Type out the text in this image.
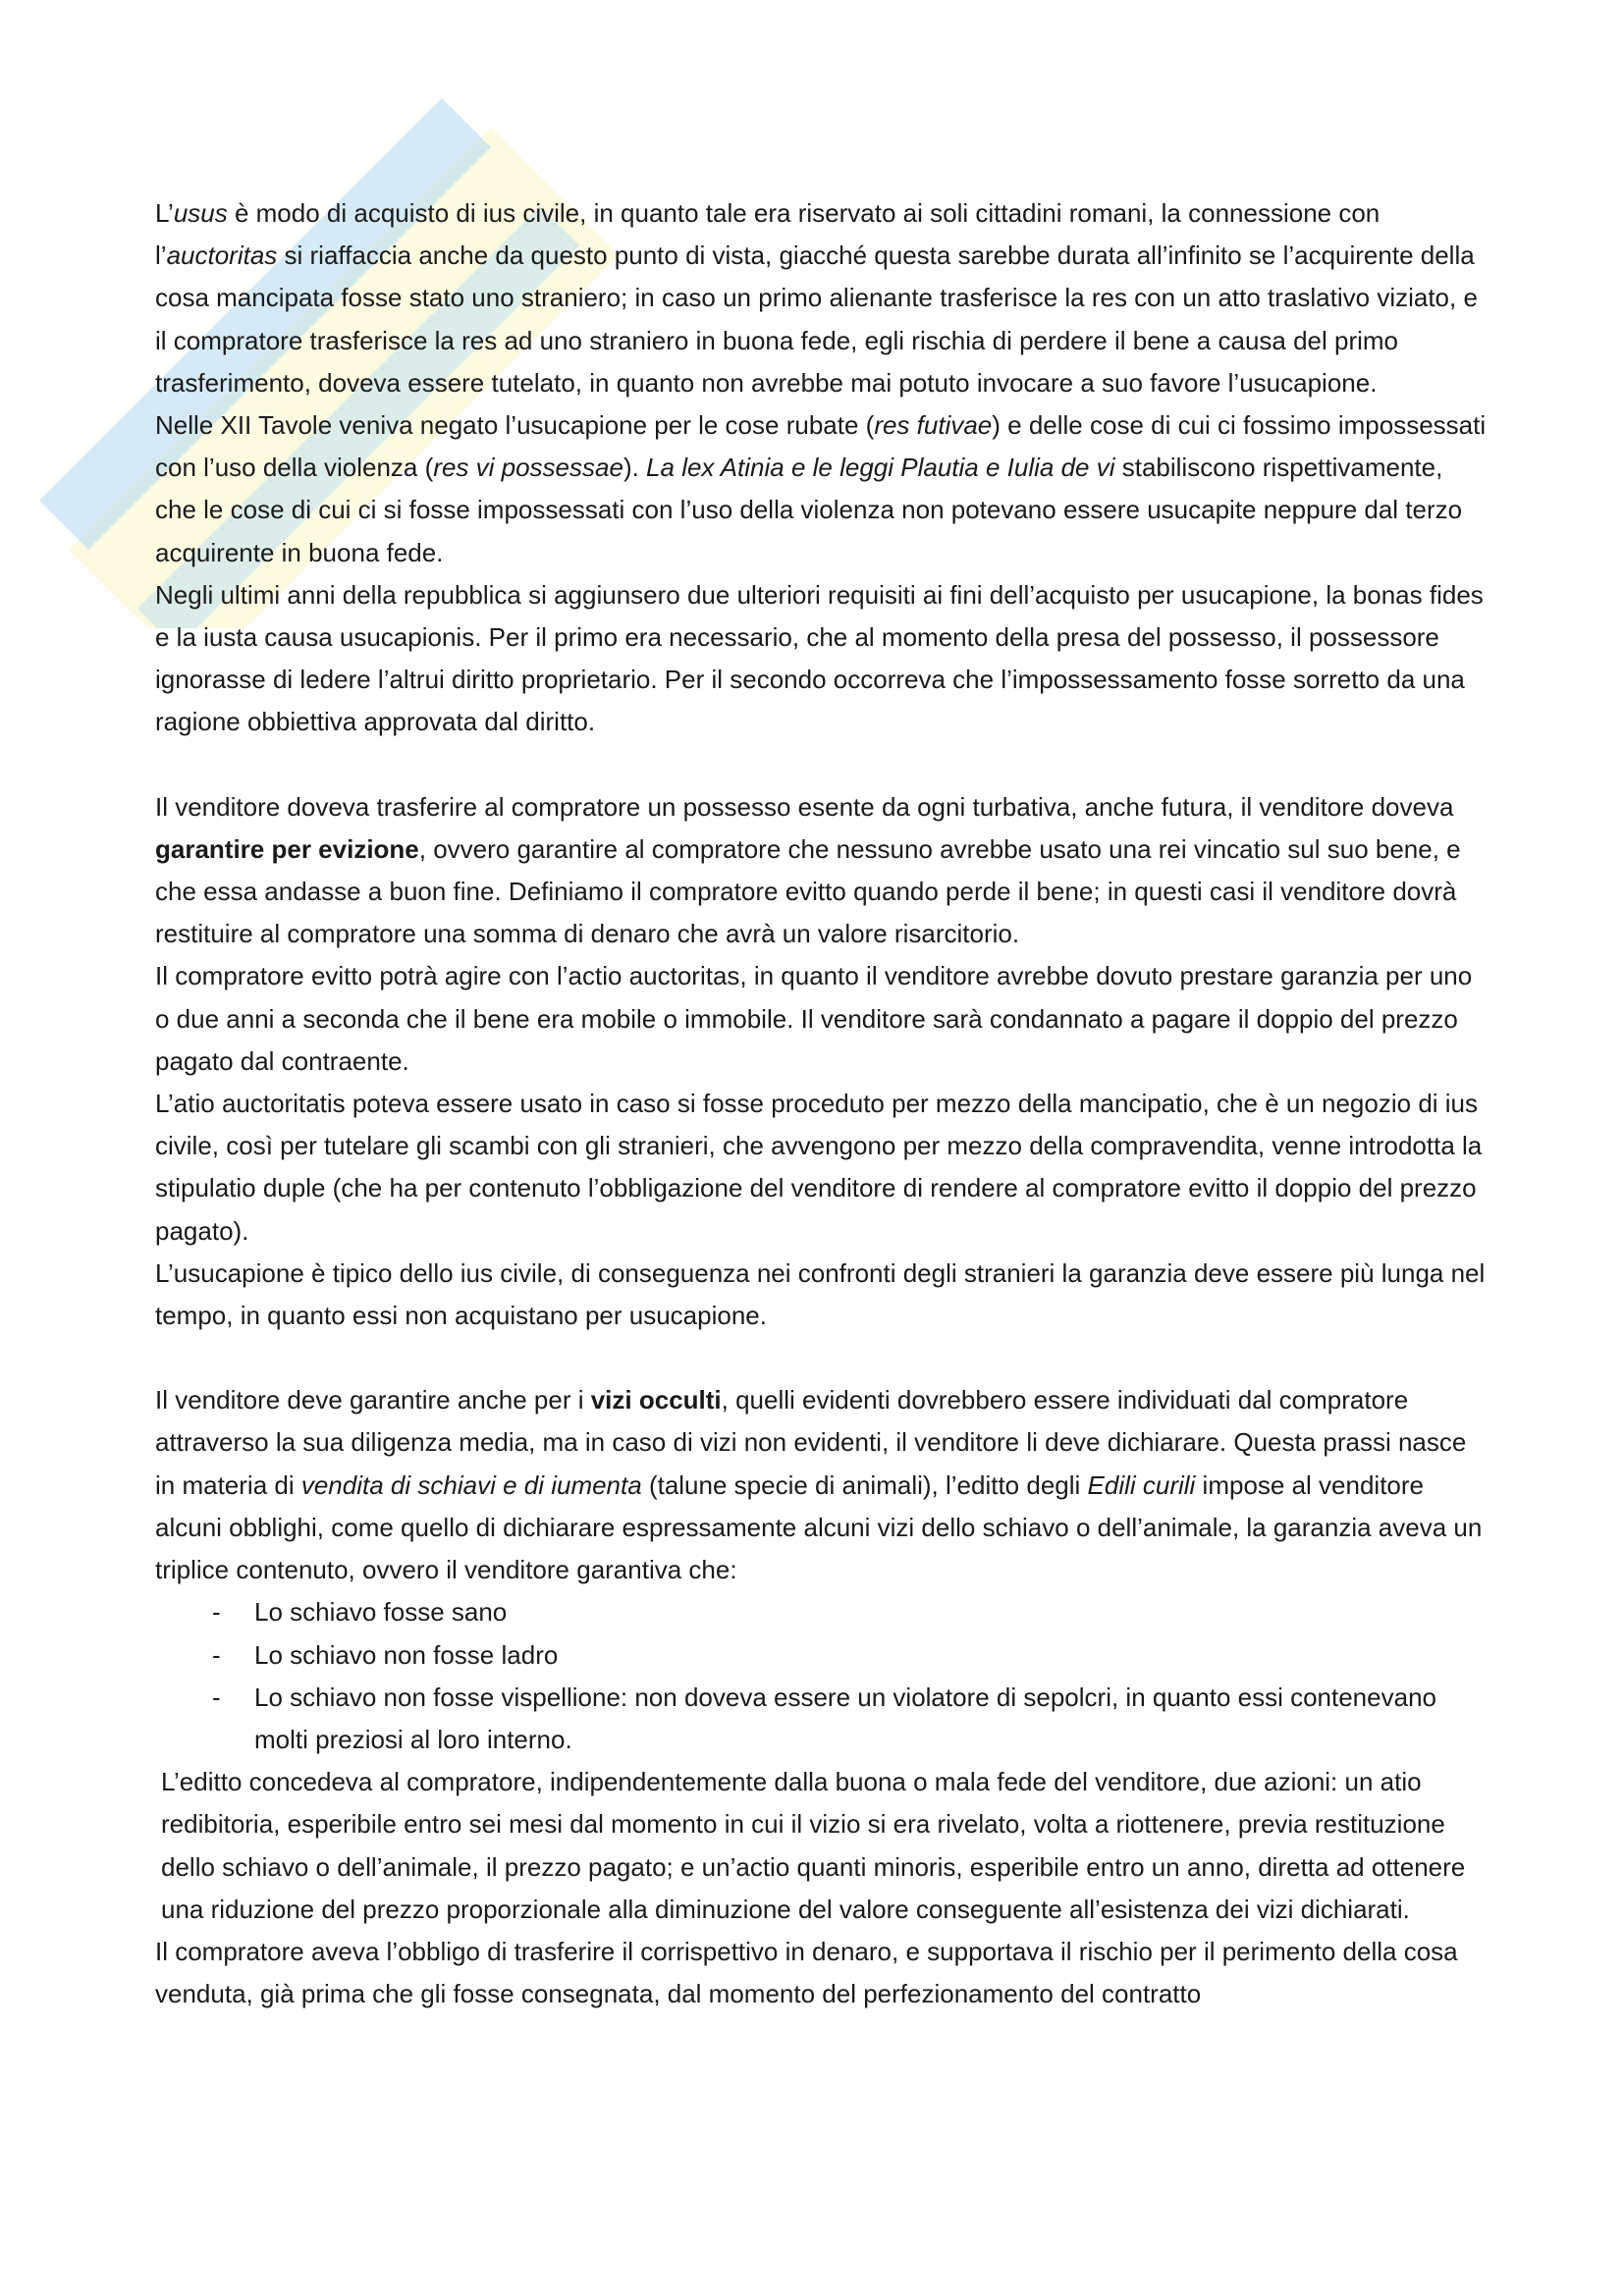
L’usus è modo di acquisto di ius civile, in quanto tale era riservato ai soli cittadini romani, la connessione con l’auctoritas si riaffaccia anche da questo punto di vista, giacché questa sarebbe durata all’infinito se l’acquirente della cosa mancipata fosse stato uno straniero; in caso un primo alienante trasferisce la res con un atto traslativo viziato, e il compratore trasferisce la res ad uno straniero in buona fede, egli rischia di perdere il bene a causa del primo trasferimento, doveva essere tutelato, in quanto non avrebbe mai potuto invocare a suo favore l’usucapione.

Nelle XII Tavole veniva negato l’usucapione per le cose rubate (res futivae) e delle cose di cui ci fossimo impossessati con l’uso della violenza (res vi possessae). La lex Atinia e le leggi Plautia e Iulia de vi stabiliscono rispettivamente, che le cose di cui ci si fosse impossessati con l’uso della violenza non potevano essere usucapite neppure dal terzo acquirente in buona fede.

Negli ultimi anni della repubblica si aggiunsero due ulteriori requisiti ai fini dell’acquisto per usucapione, la bonas fides e la iusta causa usucapionis. Per il primo era necessario, che al momento della presa del possesso, il possessore ignorasse di ledere l’altrui diritto proprietario. Per il secondo occorreva che l’impossessamento fosse sorretto da una ragione obbiettiva approvata dal diritto.

Il venditore doveva trasferire al compratore un possesso esente da ogni turbativa, anche futura, il venditore doveva garantire per evizione, ovvero garantire al compratore che nessuno avrebbe usato una rei vincatio sul suo bene, e che essa andasse a buon fine. Definiamo il compratore evitto quando perde il bene; in questi casi il venditore dovrà restituire al compratore una somma di denaro che avrà un valore risarcitorio.

Il compratore evitto potrà agire con l’actio auctoritas, in quanto il venditore avrebbe dovuto prestare garanzia per uno o due anni a seconda che il bene era mobile o immobile. Il venditore sarà condannato a pagare il doppio del prezzo pagato dal contraente.

L’atio auctoritatis poteva essere usato in caso si fosse proceduto per mezzo della mancipatio, che è un negozio di ius civile, così per tutelare gli scambi con gli stranieri, che avvengono per mezzo della compravendita, venne introdotta la stipulatio duple (che ha per contenuto l’obbligazione del venditore di rendere al compratore evitto il doppio del prezzo pagato).

L’usucapione è tipico dello ius civile, di conseguenza nei confronti degli stranieri la garanzia deve essere più lunga nel tempo, in quanto essi non acquistano per usucapione.

Il venditore deve garantire anche per i vizi occulti, quelli evidenti dovrebbero essere individuati dal compratore attraverso la sua diligenza media, ma in caso di vizi non evidenti, il venditore li deve dichiarare. Questa prassi nasce in materia di vendita di schiavi e di iumenta (talune specie di animali), l’editto degli Edili curili impose al venditore alcuni obblighi, come quello di dichiarare espressamente alcuni vizi dello schiavo o dell’animale, la garanzia aveva un triplice contenuto, ovvero il venditore garantiva che:

- Lo schiavo fosse sano
- Lo schiavo non fosse ladro
- Lo schiavo non fosse vispellione: non doveva essere un violatore di sepolcri, in quanto essi contenevano molti preziosi al loro interno.

L’editto concedeva al compratore, indipendentemente dalla buona o mala fede del venditore, due azioni: un atio redibitoria, esperibile entro sei mesi dal momento in cui il vizio si era rivelato, volta a riottenere, previa restituzione dello schiavo o dell’animale, il prezzo pagato; e un’actio quanti minoris, esperibile entro un anno, diretta ad ottenere una riduzione del prezzo proporzionale alla diminuzione del valore conseguente all’esistenza dei vizi dichiarati.

Il compratore aveva l’obbligo di trasferire il corrispettivo in denaro, e supportava il rischio per il perimento della cosa venduta, già prima che gli fosse consegnata, dal momento del perfezionamento del contratto
